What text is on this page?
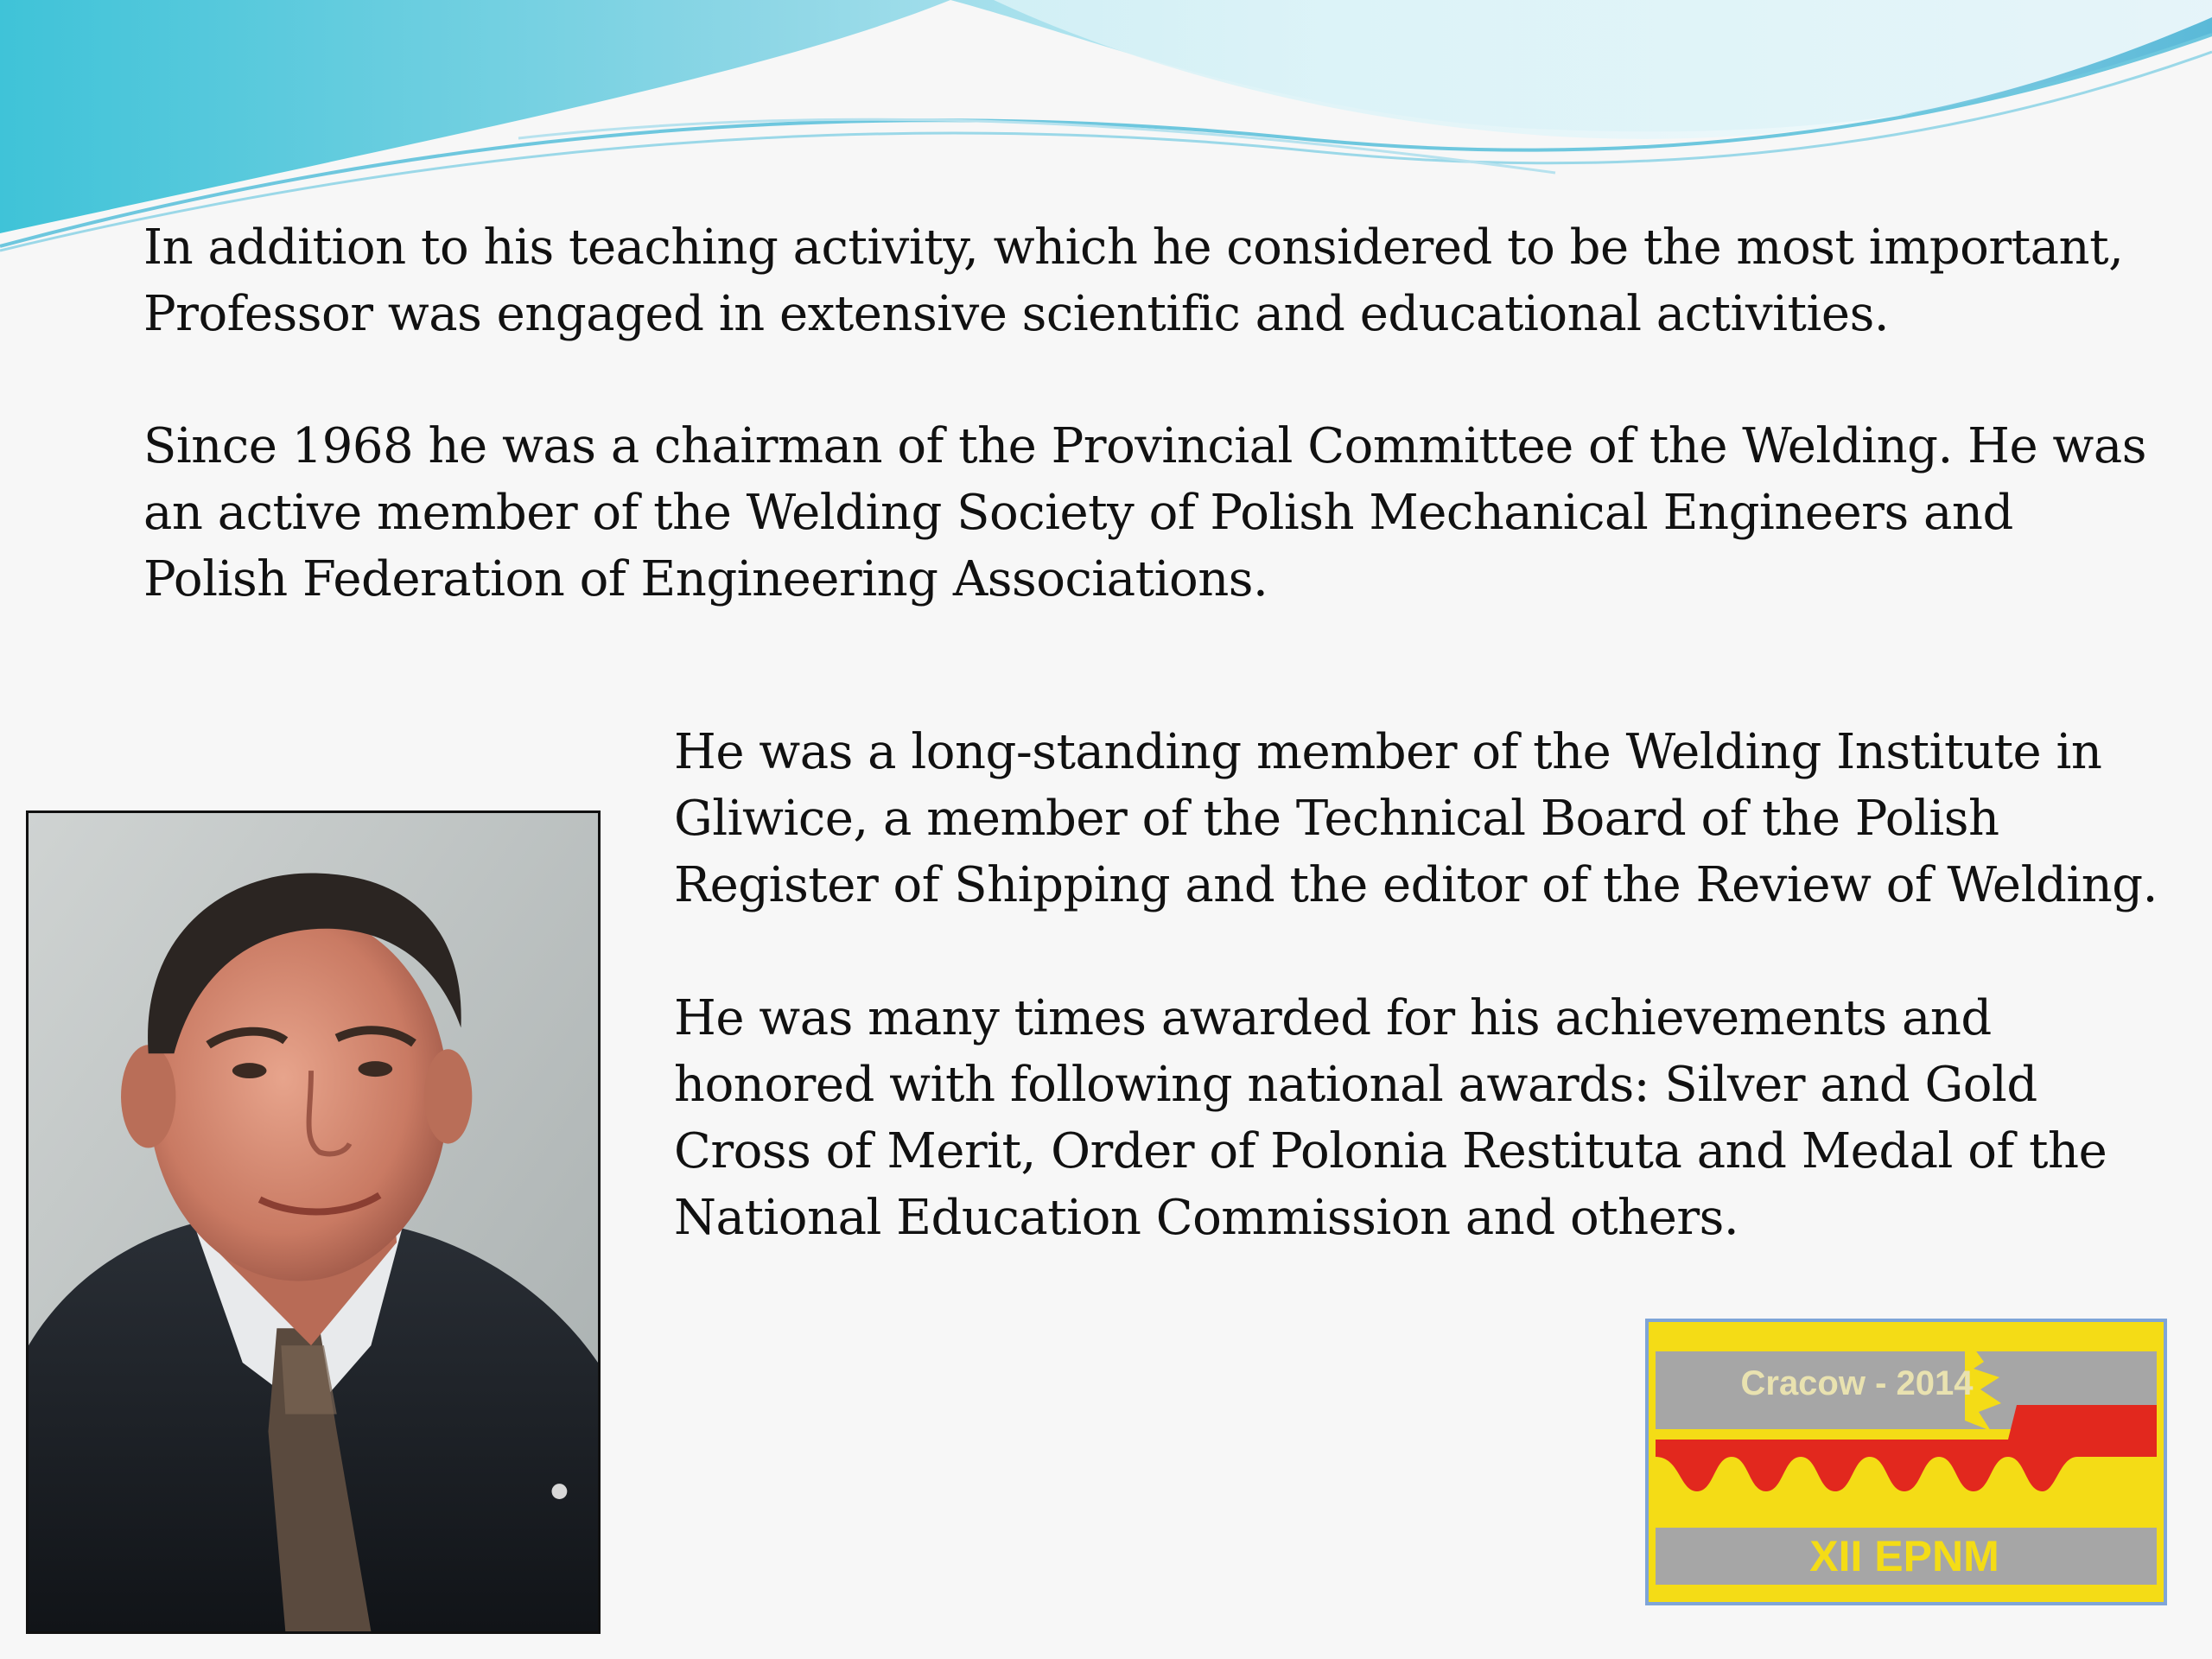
In addition to his teaching activity, which he considered to be the most important,
Professor was engaged in extensive scientific and educational activities.

Since 1968 he was a chairman of the Provincial Committee of the Welding. He was
an active member of the Welding Society of Polish Mechanical Engineers and
Polish Federation of Engineering Associations.

He was a long-standing member of the Welding Institute in
Gliwice, a member of the Technical Board of the Polish
Register of Shipping and the editor of the Review of Welding.

He was many times awarded for his achievements and
honored with following national awards: Silver and Gold
Cross of Merit, Order of Polonia Restituta and Medal of the
National Education Commission and others.

Cracow - 2014
XII EPNM
